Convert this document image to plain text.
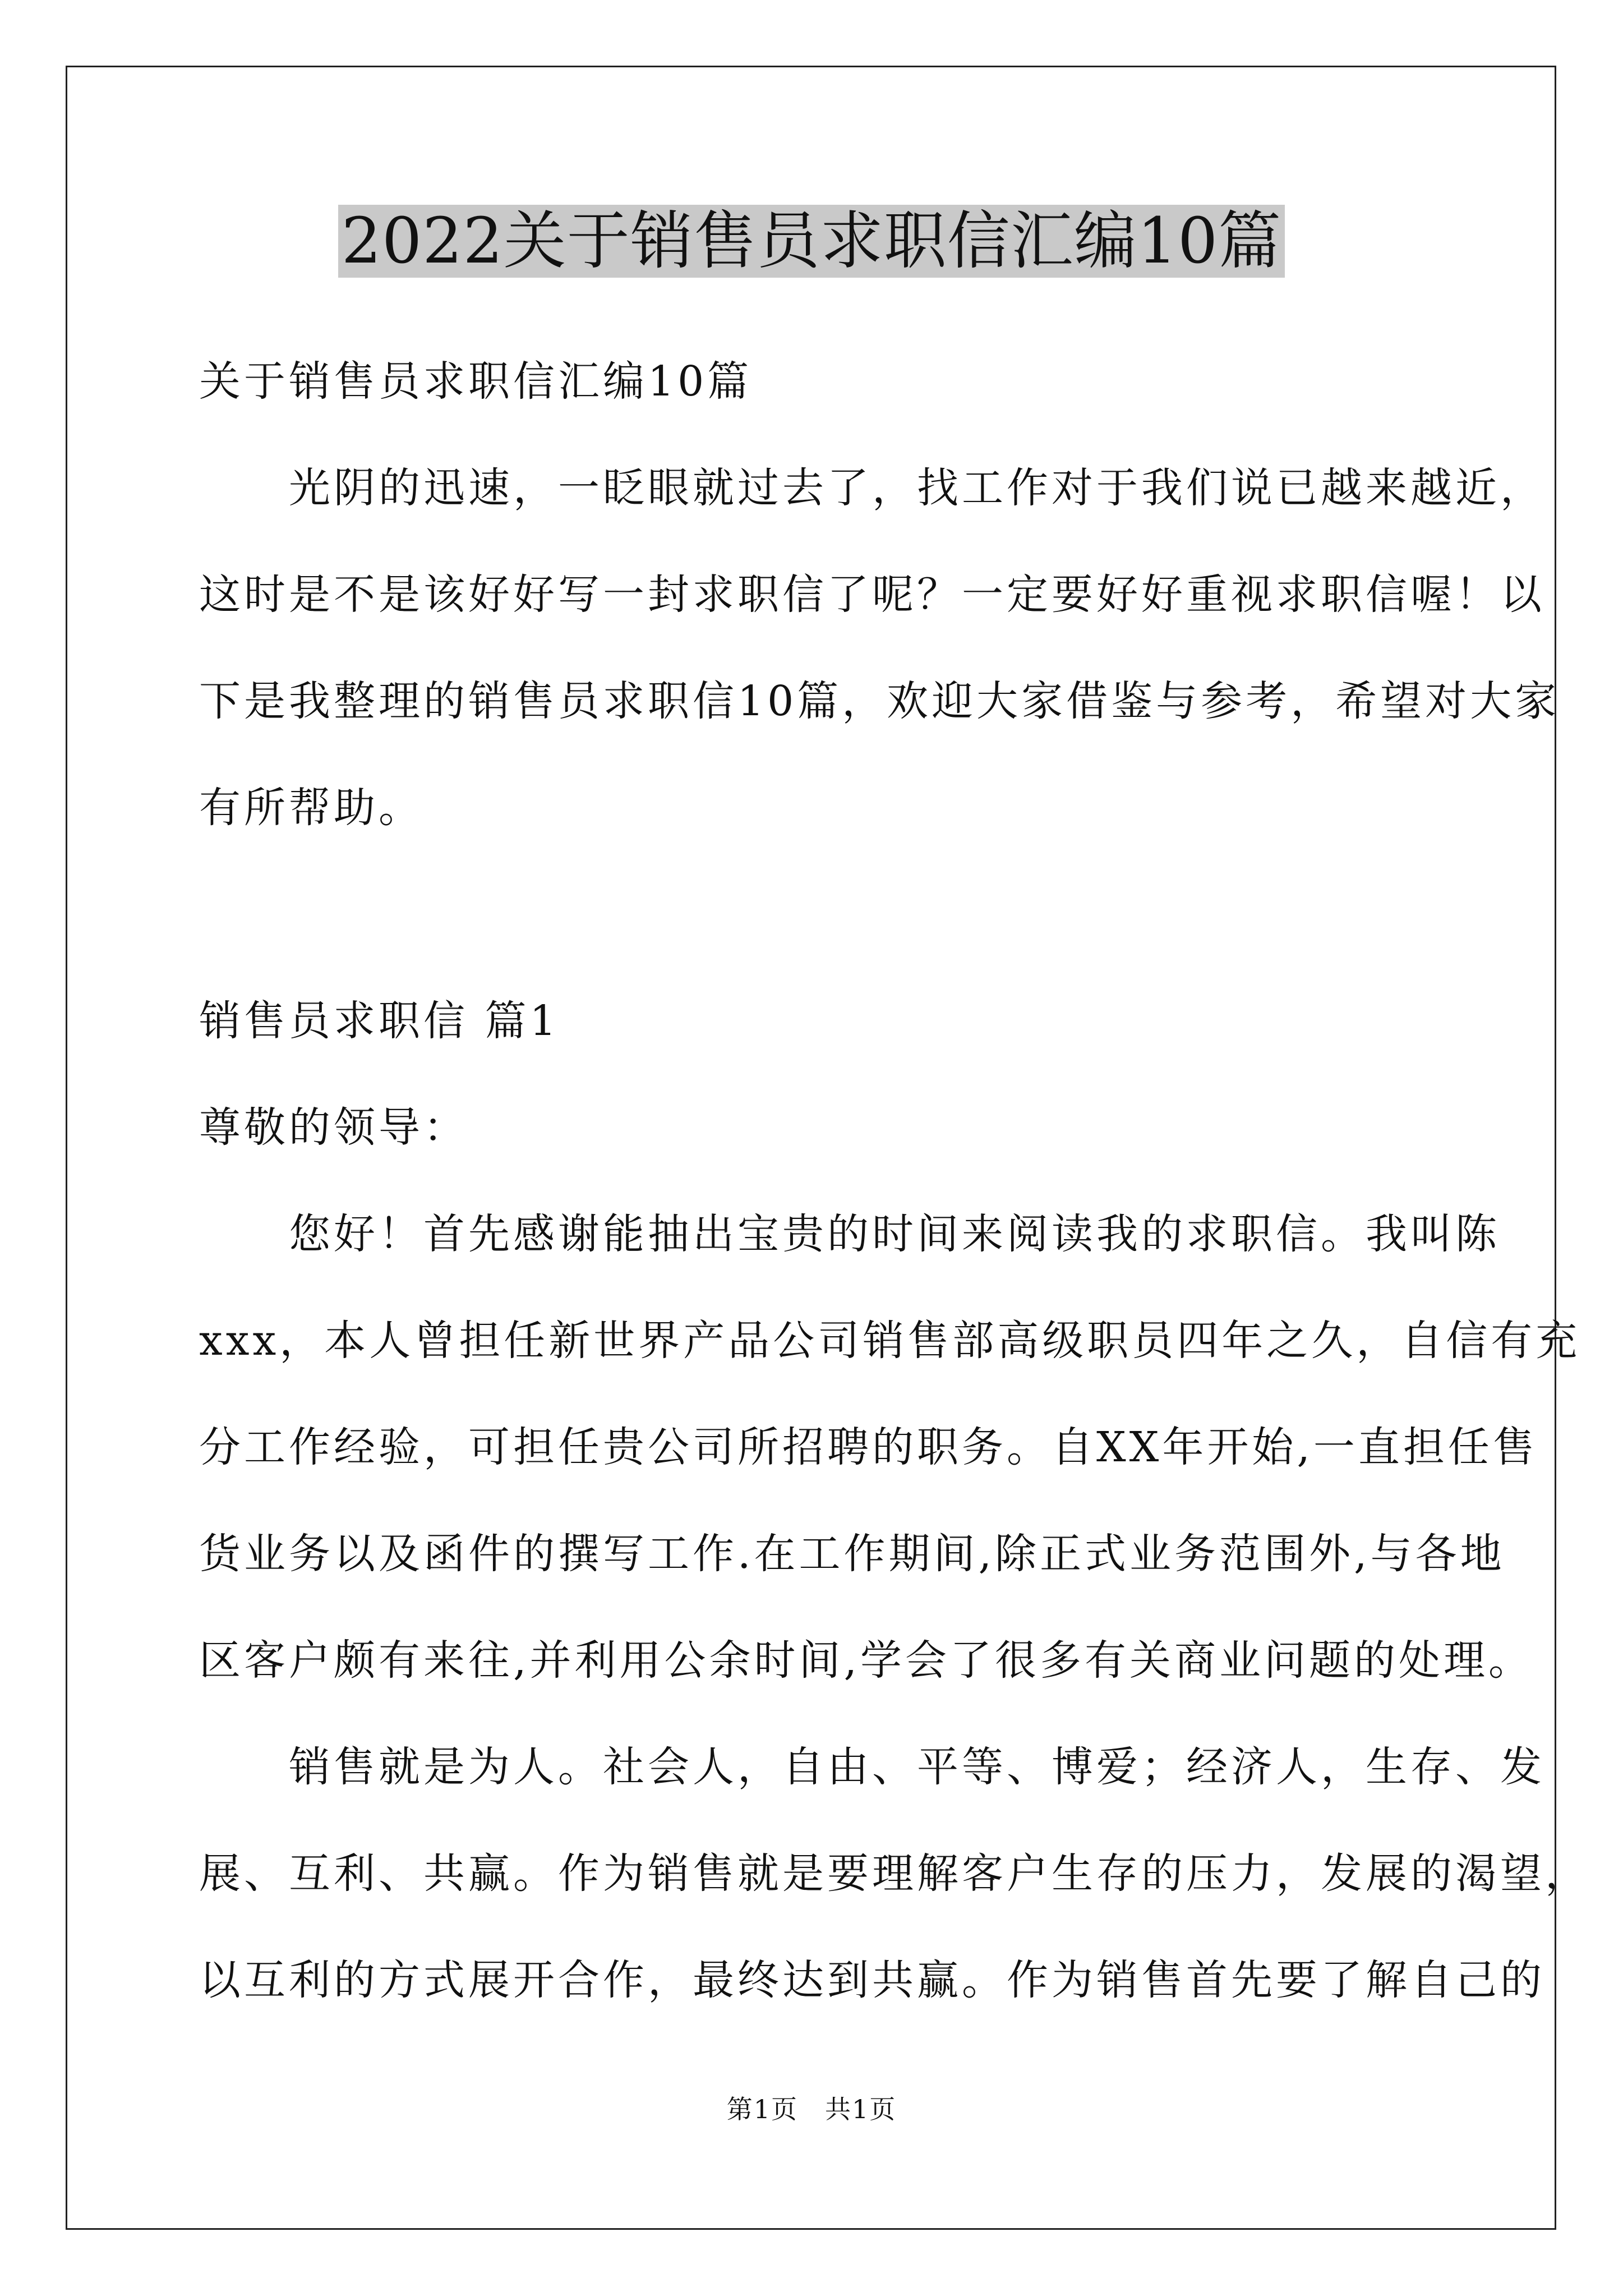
2022关于销售员求职信汇编10篇
关于销售员求职信汇编10篇
　　光阴的迅速，一眨眼就过去了，找工作对于我们说已越来越近，
这时是不是该好好写一封求职信了呢？一定要好好重视求职信喔！以
下是我整理的销售员求职信10篇，欢迎大家借鉴与参考，希望对大家
有所帮助。
销售员求职信 篇1
尊敬的领导：
　　您好！首先感谢能抽出宝贵的时间来阅读我的求职信。我叫陈
xxx，本人曾担任新世界产品公司销售部高级职员四年之久，自信有充
分工作经验，可担任贵公司所招聘的职务。自XX年开始,一直担任售
货业务以及函件的撰写工作.在工作期间,除正式业务范围外,与各地
区客户颇有来往,并利用公余时间,学会了很多有关商业问题的处理。
　　销售就是为人。社会人，自由、平等、博爱；经济人，生存、发
展、互利、共赢。作为销售就是要理解客户生存的压力，发展的渴望，
以互利的方式展开合作，最终达到共赢。作为销售首先要了解自己的
第1页　共1页
